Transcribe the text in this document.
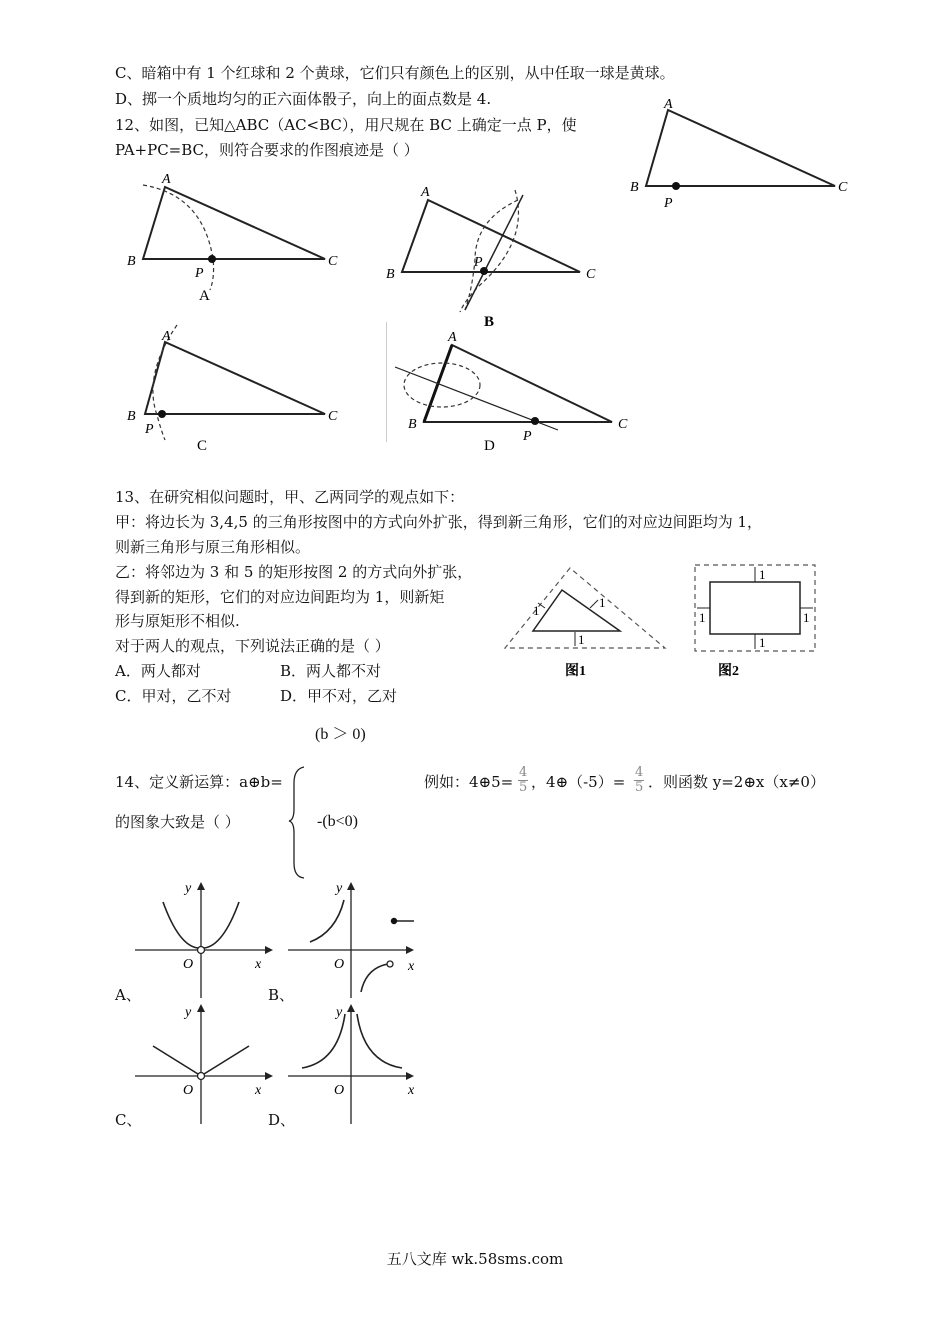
C、暗箱中有 1 个红球和 2 个黄球，它们只有颜色上的区别，从中任取一球是黄球。
D、掷一个质地均匀的正六面体骰子，向上的面点数是 4.
12、如图，已知△ABC（AC<BC），用尺规在 BC 上确定一点 P，使
PA+PC=BC，则符合要求的作图痕迹是（ ）
A
B	C
P
A
B	C
P
A
A
B	C
P
B
A
B	C
P
C
A
B	C
P
D
13、在研究相似问题时，甲、乙两同学的观点如下：
甲：将边长为 3,4,5 的三角形按图中的方式向外扩张，得到新三角形，它们的对应边间距均为 1，
则新三角形与原三角形相似。
乙：将邻边为 3 和 5 的矩形按图 2 的方式向外扩张，
得到新的矩形，它们的对应边间距均为 1，则新矩
形与原矩形不相似.
对于两人的观点，下列说法正确的是（ ）
A．两人都对	B．两人都不对
C．甲对，乙不对	D．甲不对，乙对
1
1
1
图1
1
1
1	1
图2
(b ＞ 0)
14、定义新运算：a⊕b=
-(b<0)
的图象大致是（ ）
例如：4⊕5= $\frac{4}{5}$ ，4⊕（-5）= $\frac{4}{5}$ ．则函数 y=2⊕x（x≠0）
y
x
O
A、
y
x
O
B、
y
x
O
C、
y
x
O
D、
五八文库 wk.58sms.com
